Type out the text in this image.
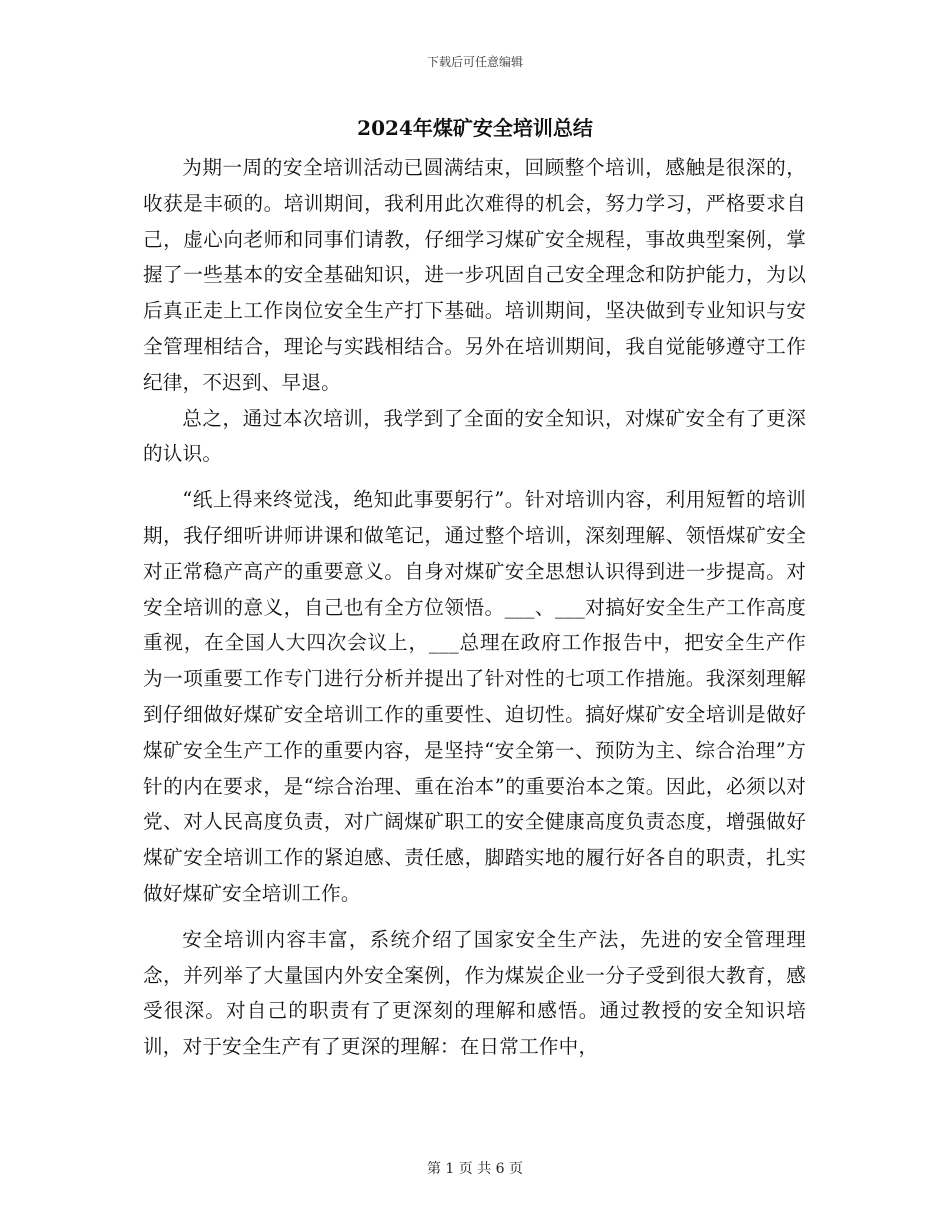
下载后可任意编辑
2024年煤矿安全培训总结

为期一周的安全培训活动已圆满结束，回顾整个培训，感触是很深的，收获是丰硕的。培训期间，我利用此次难得的机会，努力学习，严格要求自己，虚心向老师和同事们请教，仔细学习煤矿安全规程，事故典型案例，掌握了一些基本的安全基础知识，进一步巩固自己安全理念和防护能力，为以后真正走上工作岗位安全生产打下基础。培训期间，坚决做到专业知识与安全管理相结合，理论与实践相结合。另外在培训期间，我自觉能够遵守工作纪律，不迟到、早退。

总之，通过本次培训，我学到了全面的安全知识，对煤矿安全有了更深的认识。

“纸上得来终觉浅，绝知此事要躬行”。针对培训内容，利用短暂的培训期，我仔细听讲师讲课和做笔记，通过整个培训，深刻理解、领悟煤矿安全对正常稳产高产的重要意义。自身对煤矿安全思想认识得到进一步提高。对安全培训的意义，自己也有全方位领悟。___、___对搞好安全生产工作高度重视，在全国人大四次会议上，___总理在政府工作报告中，把安全生产作为一项重要工作专门进行分析并提出了针对性的七项工作措施。我深刻理解到仔细做好煤矿安全培训工作的重要性、迫切性。搞好煤矿安全培训是做好煤矿安全生产工作的重要内容，是坚持“安全第一、预防为主、综合治理”方针的内在要求，是“综合治理、重在治本”的重要治本之策。因此，必须以对党、对人民高度负责，对广阔煤矿职工的安全健康高度负责态度，增强做好煤矿安全培训工作的紧迫感、责任感，脚踏实地的履行好各自的职责，扎实做好煤矿安全培训工作。

安全培训内容丰富，系统介绍了国家安全生产法，先进的安全管理理念，并列举了大量国内外安全案例，作为煤炭企业一分子受到很大教育，感受很深。对自己的职责有了更深刻的理解和感悟。通过教授的安全知识培训，对于安全生产有了更深的理解：在日常工作中，

第 1 页 共 6 页
